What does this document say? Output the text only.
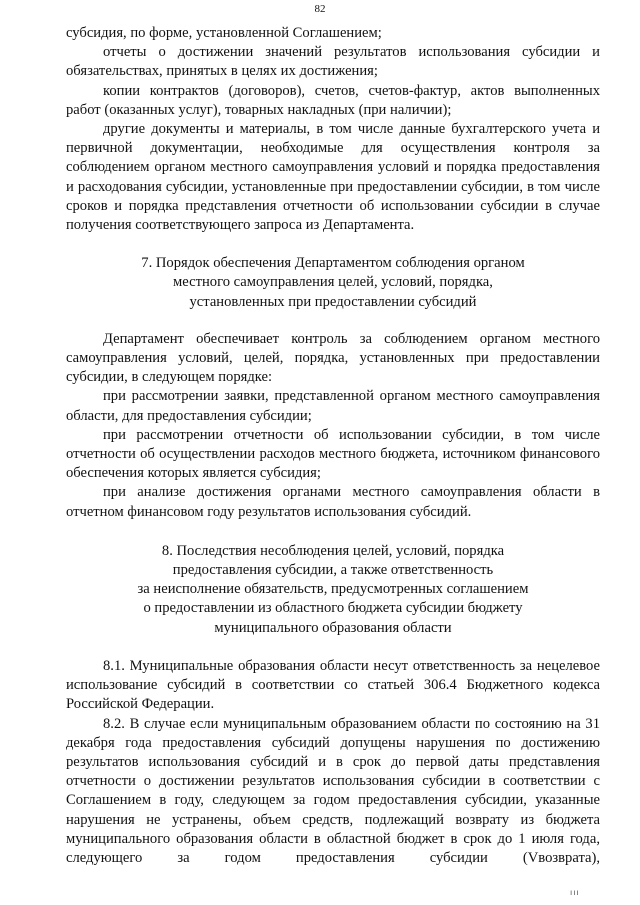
82

субсидия, по форме, установленной Соглашением;

отчеты о достижении значений результатов использования субсидии и обязательствах, принятых в целях их достижения;

копии контрактов (договоров), счетов, счетов-фактур, актов выполненных работ (оказанных услуг), товарных накладных (при наличии);

другие документы и материалы, в том числе данные бухгалтерского учета и первичной документации, необходимые для осуществления контроля за соблюдением органом местного самоуправления условий и порядка предоставления и расходования субсидии, установленные при предоставлении субсидии, в том числе сроков и порядка представления отчетности об использовании субсидии в случае получения соответствующего запроса из Департамента.

7. Порядок обеспечения Департаментом соблюдения органом

местного самоуправления целей, условий, порядка,

установленных при предоставлении субсидий

Департамент обеспечивает контроль за соблюдением органом местного самоуправления условий, целей, порядка, установленных при предоставлении субсидии, в следующем порядке:

при рассмотрении заявки, представленной органом местного самоуправления области, для предоставления субсидии;

при рассмотрении отчетности об использовании субсидии, в том числе отчетности об осуществлении расходов местного бюджета, источником финансового обеспечения которых является субсидия;

при анализе достижения органами местного самоуправления области в отчетном финансовом году результатов использования субсидий.

8. Последствия несоблюдения целей, условий, порядка

предоставления субсидии, а также ответственность

за неисполнение обязательств, предусмотренных соглашением

о предоставлении из областного бюджета субсидии бюджету

муниципального образования области

8.1. Муниципальные образования области несут ответственность за нецелевое использование субсидий в соответствии со статьей 306.4 Бюджетного кодекса Российской Федерации.

8.2. В случае если муниципальным образованием области по состоянию на 31 декабря года предоставления субсидий допущены нарушения по достижению результатов использования субсидий и в срок до первой даты представления отчетности о достижении результатов использования субсидии в соответствии с Соглашением в году, следующем за годом предоставления субсидии, указанные нарушения не устранены, объем средств, подлежащий возврату из бюджета муниципального образования области в областной бюджет в срок до 1 июля года, следующего за годом предоставления субсидии (Vвозврата),

ııı
